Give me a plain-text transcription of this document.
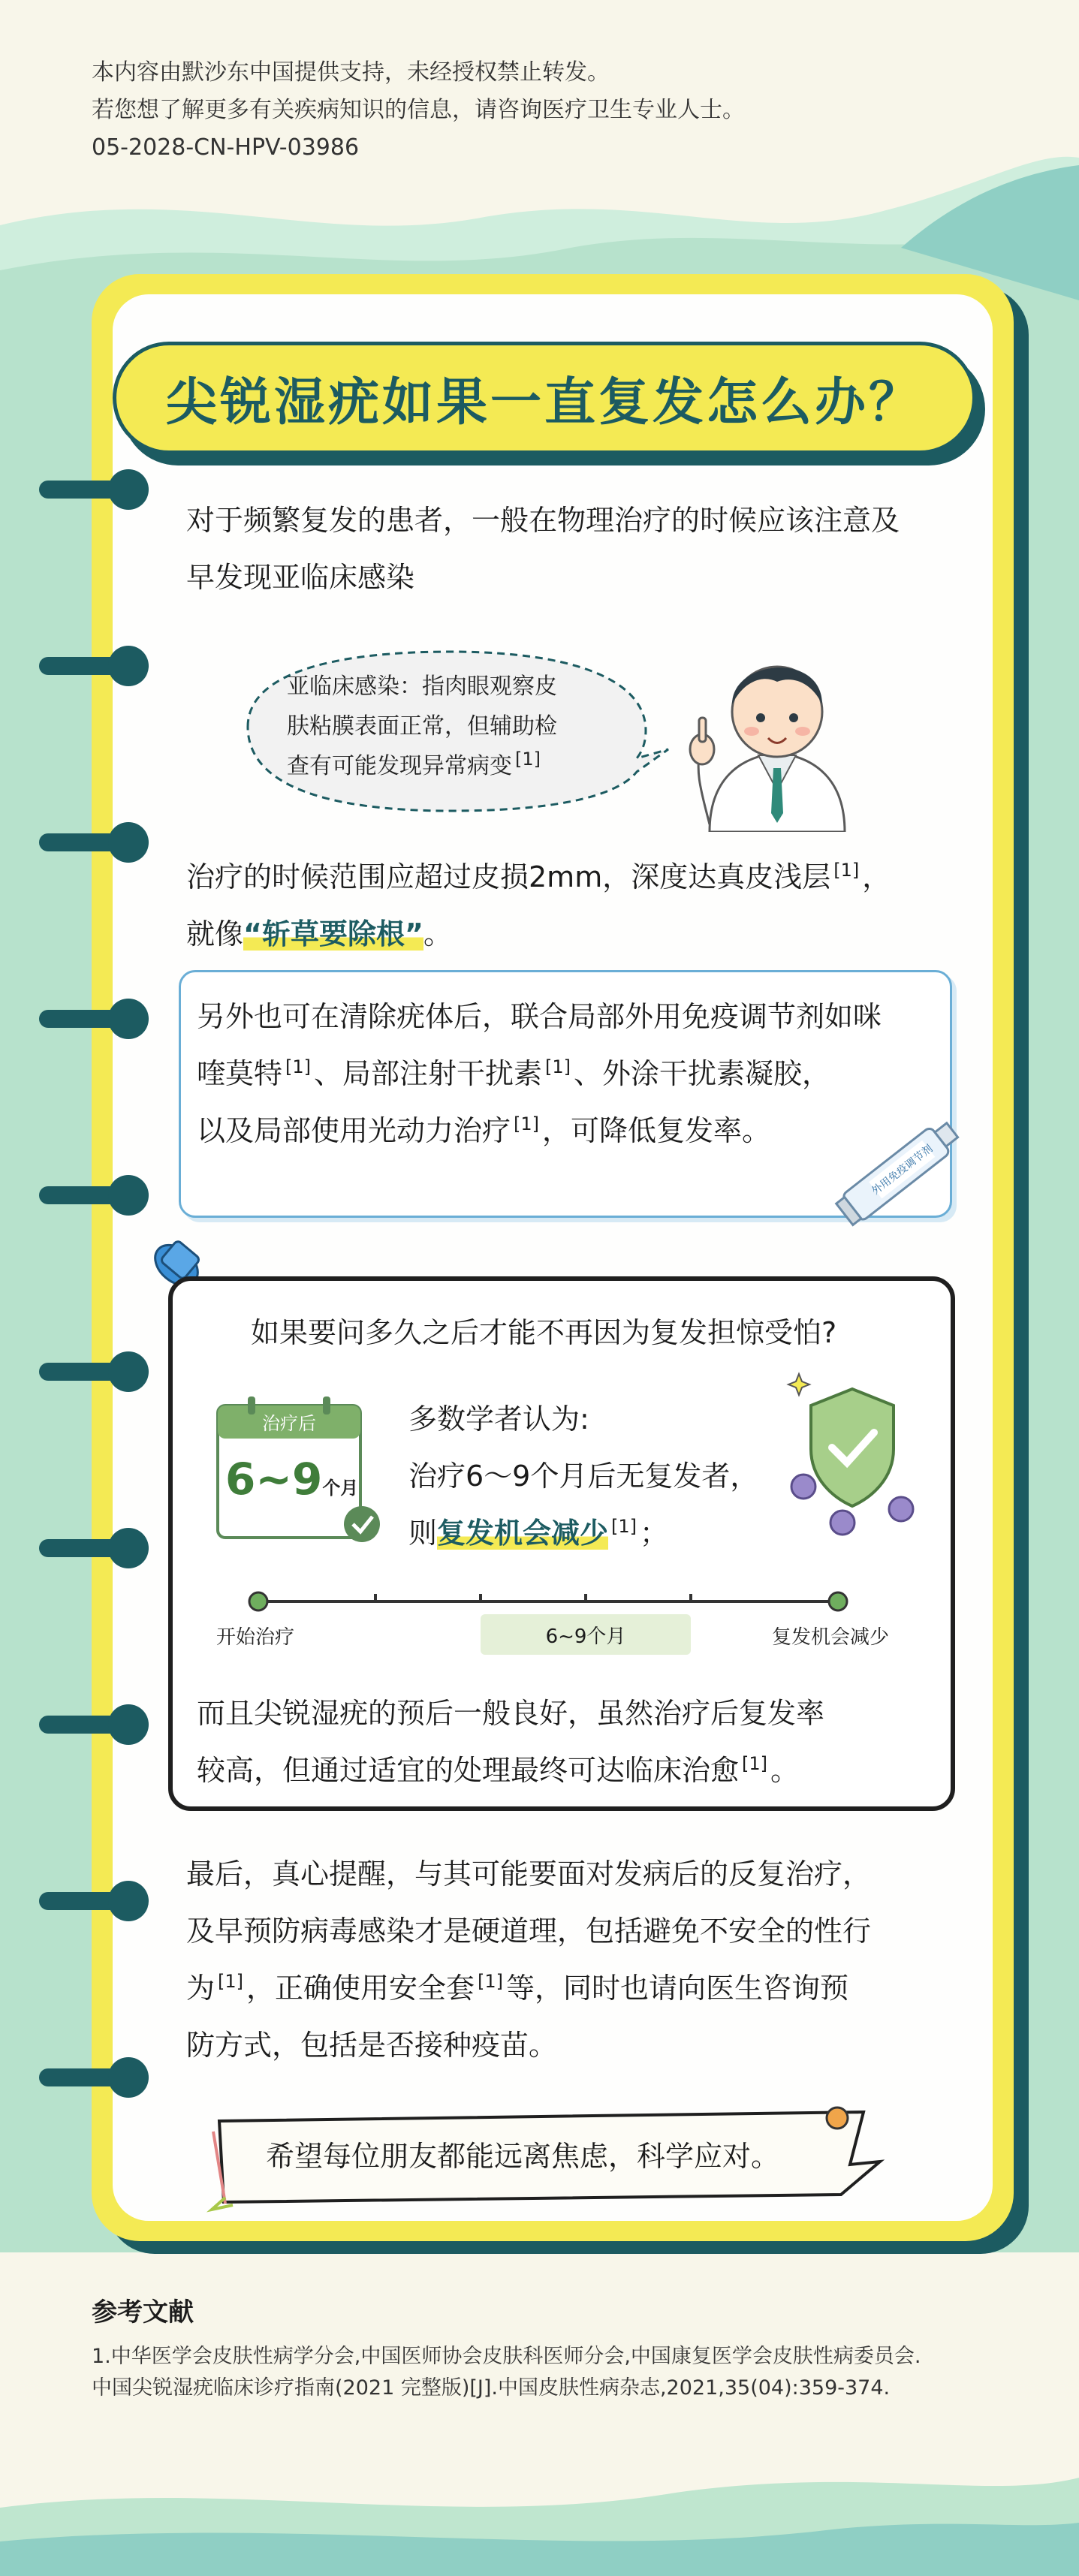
本内容由默沙东中国提供支持，未经授权禁止转发。
若您想了解更多有关疾病知识的信息，请咨询医疗卫生专业人士。
05-2028-CN-HPV-03986
尖锐湿疣如果一直复发怎么办？
对于频繁复发的患者，一般在物理治疗的时候应该注意及
早发现亚临床感染
亚临床感染：指肉眼观察皮
肤粘膜表面正常，但辅助检
查有可能发现异常病变 [1]
治疗的时候范围应超过皮损2mm，深度达真皮浅层 [1] ，
就像“斩草要除根”。
另外也可在清除疣体后，联合局部外用免疫调节剂如咪
喹莫特 [1] 、局部注射干扰素 [1] 、外涂干扰素凝胶，
以及局部使用光动力治疗 [1] ，可降低复发率。
外用免疫调节剂
如果要问多久之后才能不再因为复发担惊受怕?
治疗后
6~9个月
多数学者认为:
治疗6～9个月后无复发者，
则复发机会减少 [1] ；
开始治疗	6~9个月	复发机会减少
而且尖锐湿疣的预后一般良好，虽然治疗后复发率
较高，但通过适宜的处理最终可达临床治愈 [1] 。
最后，真心提醒，与其可能要面对发病后的反复治疗，
及早预防病毒感染才是硬道理，包括避免不安全的性行
为 [1] ，正确使用安全套 [1] 等，同时也请向医生咨询预
防方式，包括是否接种疫苗。
希望每位朋友都能远离焦虑，科学应对。
参考文献
1.中华医学会皮肤性病学分会,中国医师协会皮肤科医师分会,中国康复医学会皮肤性病委员会.
中国尖锐湿疣临床诊疗指南(2021 完整版)[J].中国皮肤性病杂志,2021,35(04):359-374.
